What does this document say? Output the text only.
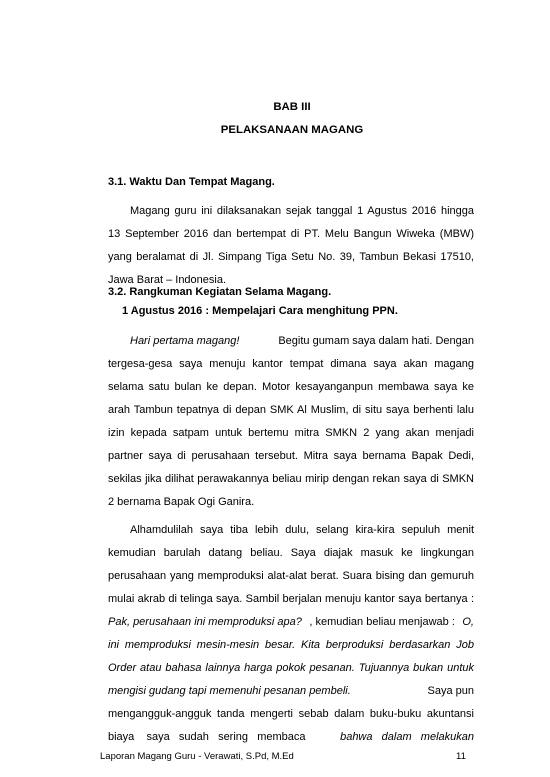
BAB III
PELAKSANAAN MAGANG
3.1. Waktu Dan Tempat Magang.
Magang guru ini dilaksanakan sejak tanggal 1 Agustus 2016 hingga
13 September 2016 dan bertempat di PT. Melu Bangun Wiweka (MBW)
yang beralamat di Jl. Simpang Tiga Setu No. 39, Tambun Bekasi 17510,
Jawa Barat – Indonesia.
3.2. Rangkuman Kegiatan Selama Magang.
1 Agustus 2016 : Mempelajari Cara menghitung PPN.
Hari pertama magang!	Begitu gumam saya dalam hati. Dengan
tergesa-gesa saya menuju kantor tempat dimana saya akan magang
selama satu bulan ke depan. Motor kesayanganpun membawa saya ke
arah Tambun tepatnya di depan SMK Al Muslim, di situ saya berhenti lalu
izin kepada satpam untuk bertemu mitra SMKN 2 yang akan menjadi
partner saya di perusahaan tersebut. Mitra saya bernama Bapak Dedi,
sekilas jika dilihat perawakannya beliau mirip dengan rekan saya di SMKN
2 bernama Bapak Ogi Ganira.
Alhamdulilah saya tiba lebih dulu, selang kira-kira sepuluh menit
kemudian barulah datang beliau. Saya diajak masuk ke lingkungan
perusahaan yang memproduksi alat-alat berat. Suara bising dan gemuruh
mulai akrab di telinga saya. Sambil berjalan menuju kantor saya bertanya :
Pak, perusahaan ini memproduksi apa? , kemudian beliau menjawab : O,
ini memproduksi mesin-mesin besar. Kita berproduksi berdasarkan Job
Order atau bahasa lainnya harga pokok pesanan. Tujuannya bukan untuk
mengisi gudang tapi memenuhi pesanan pembeli.	Saya pun
mengangguk-angguk tanda mengerti sebab dalam buku-buku akuntansi
biaya    saya   sudah   sering   membaca	bahwa   dalam   melakukan
Laporan Magang Guru - Verawati, S.Pd, M.Ed	11
